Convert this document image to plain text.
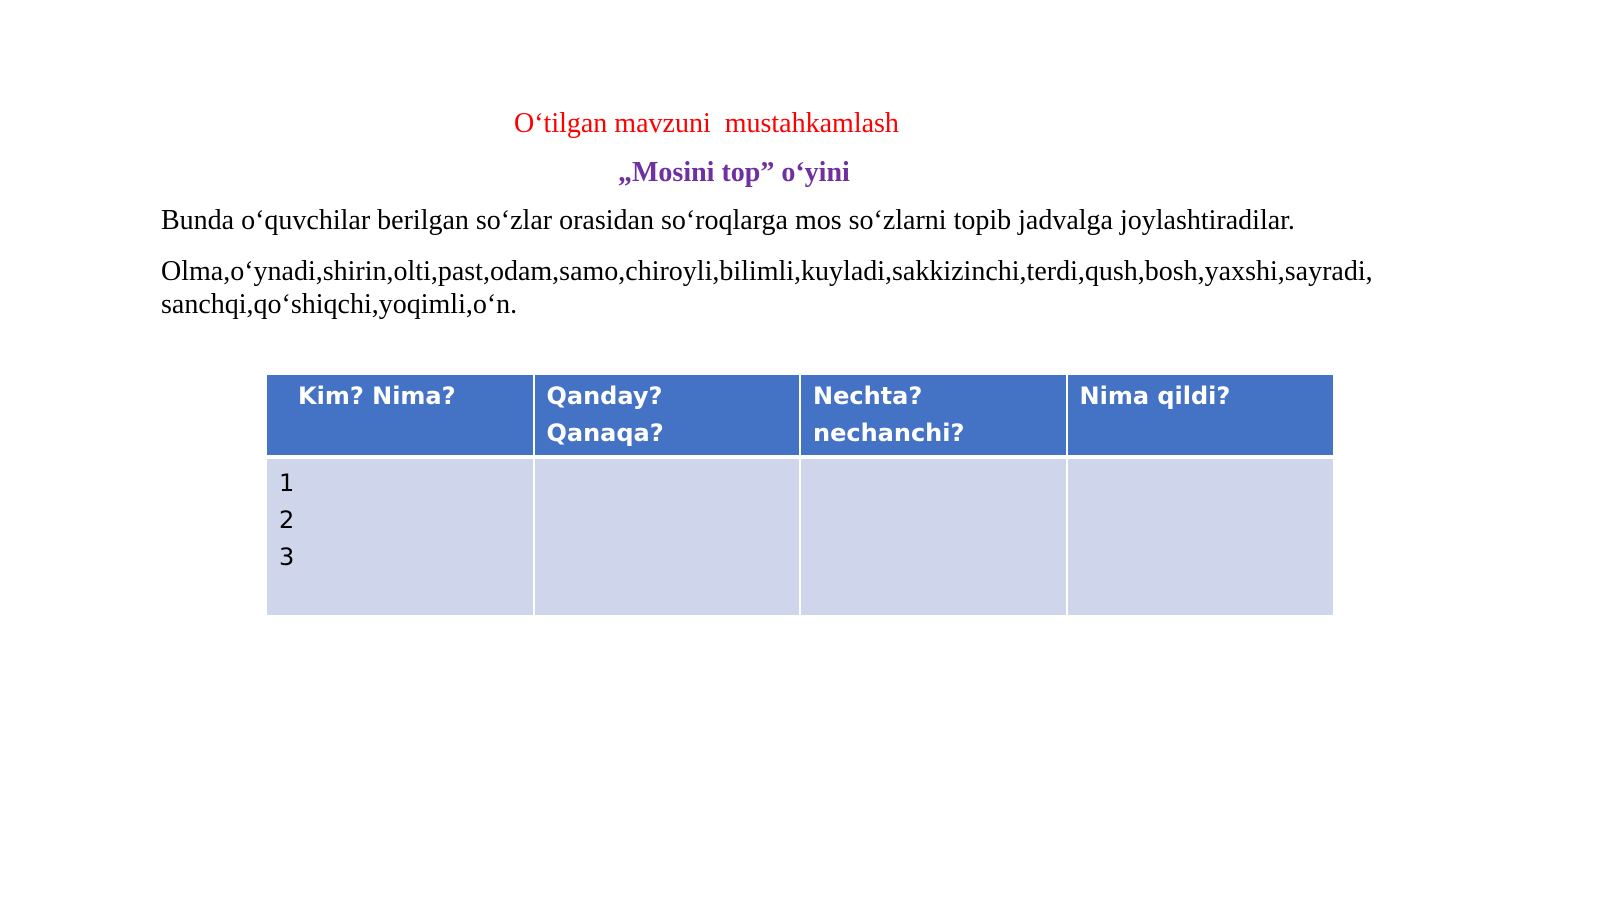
O‘tilgan mavzuni  mustahkamlash

„Mosini top” o‘yini

Bunda o‘quvchilar berilgan so‘zlar orasidan so‘roqlarga mos so‘zlarni topib jadvalga joylashtiradilar.

Olma,o‘ynadi,shirin,olti,past,odam,samo,chiroyli,bilimli,kuyladi,sakkizinchi,terdi,qush,bosh,yaxshi,sayradi,
sanchqi,qo‘shiqchi,yoqimli,o‘n.

Kim? Nima?	Qanday? Qanaqa?	Nechta? nechanchi?	Nima qildi?

1
2
3			
